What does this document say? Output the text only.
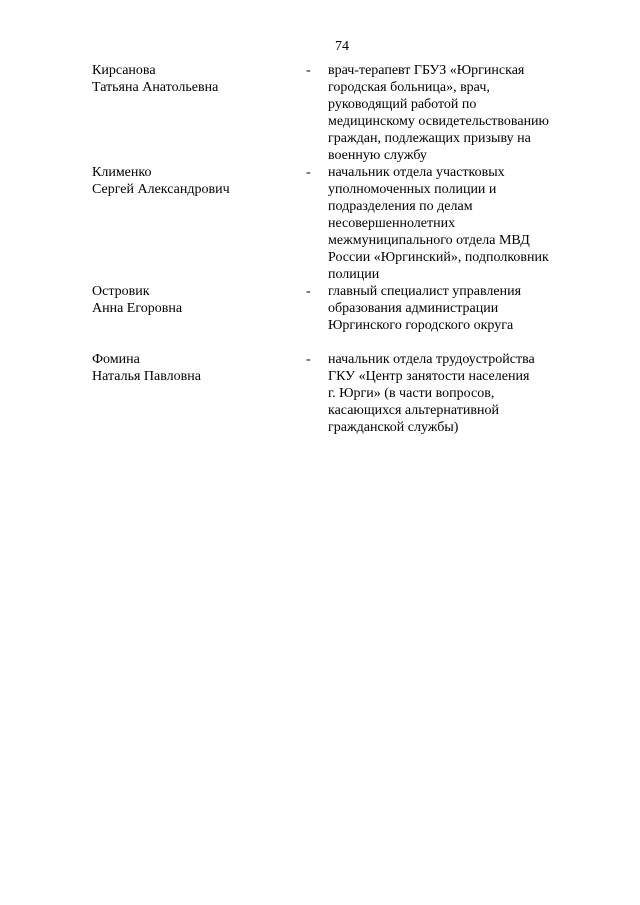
74
Кирсанова
Татьяна Анатольевна
-	врач-терапевт ГБУЗ «Юргинская
городская больница», врач,
руководящий работой по
медицинскому освидетельствованию
граждан, подлежащих призыву на
военную службу
Клименко
Сергей Александрович
-	начальник отдела участковых
уполномоченных полиции и
подразделения по делам
несовершеннолетних
межмуниципального отдела МВД
России «Юргинский», подполковник
полиции
Островик
Анна Егоровна
-	главный специалист управления
образования администрации
Юргинского городского округа
Фомина
Наталья Павловна
-	начальник отдела трудоустройства
ГКУ «Центр занятости населения
г. Юрги» (в части вопросов,
касающихся альтернативной
гражданской службы)
